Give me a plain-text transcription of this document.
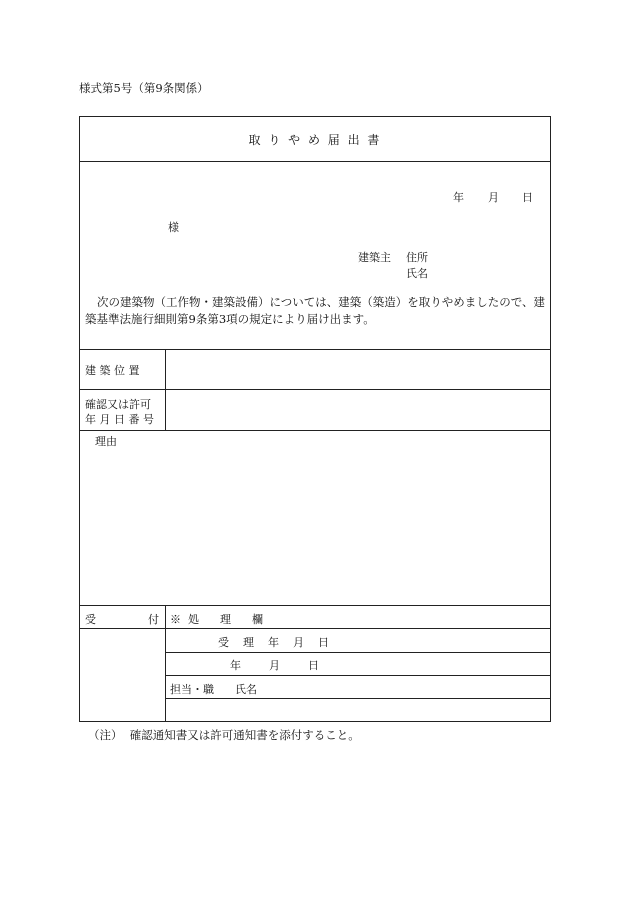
様式第5号（第9条関係）
取 り や め 届 出 書
年 月 日
様
建築主 住所
氏名
次の建築物（工作物・建築設備）については、建築（築造）を取りやめましたので、建築基準法施行細則第9条第3項の規定により届け出ます。
建 築 位 置
確認又は許可
年 月 日 番 号
理由
受	付 ※  処      理      欄
受    理    年    月    日
年        月        日
担当・職      氏名
（注）  確認通知書又は許可通知書を添付すること。
